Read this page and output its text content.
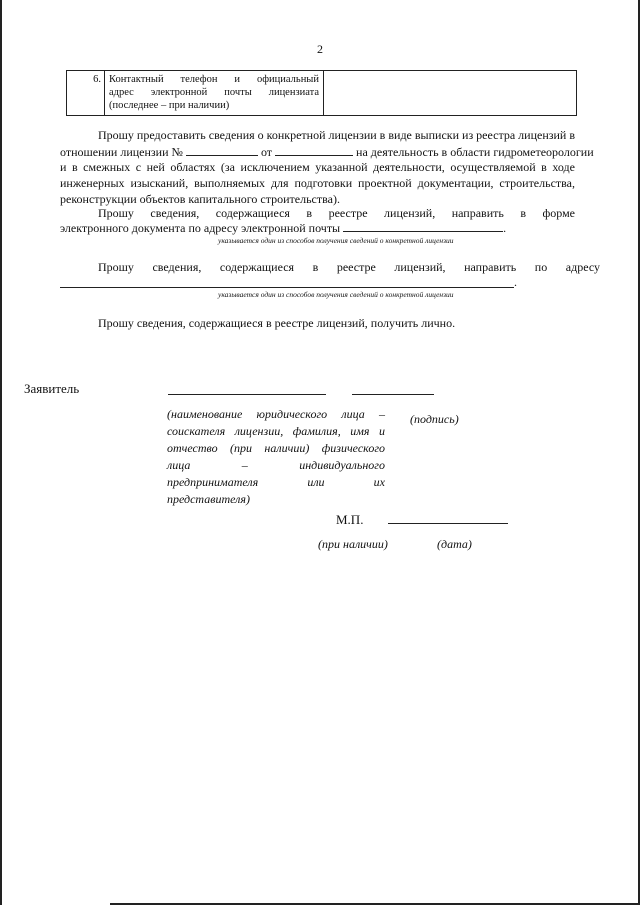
2
6.	Контактный телефон и официальный
адрес электронной почты лицензиата
(последнее – при наличии)

Прошу предоставить сведения о конкретной лицензии в виде выписки из реестра лицензий в
отношении лицензии №	от	на деятельность в области гидрометеорологии
и в смежных с ней областях (за исключением указанной деятельности, осуществляемой в ходе
инженерных изысканий, выполняемых для подготовки проектной документации, строительства,
реконструкции объектов капитального строительства).
Прошу сведения, содержащиеся в реестре лицензий, направить в форме
электронного документа по адресу электронной почты	.
указывается один из способов получения сведений о конкретной лицензии
Прошу сведения, содержащиеся в реестре лицензий, направить по адресу
.
указывается один из способов получения сведений о конкретной лицензии
Прошу сведения, содержащиеся в реестре лицензий, получить лично.
Заявитель
(наименование юридического лица –
соискателя лицензии, фамилия, имя и
отчество (при наличии) физического
лица – индивидуального
предпринимателя или их
представителя)
(подпись)
М.П.
(при наличии)	(дата)
